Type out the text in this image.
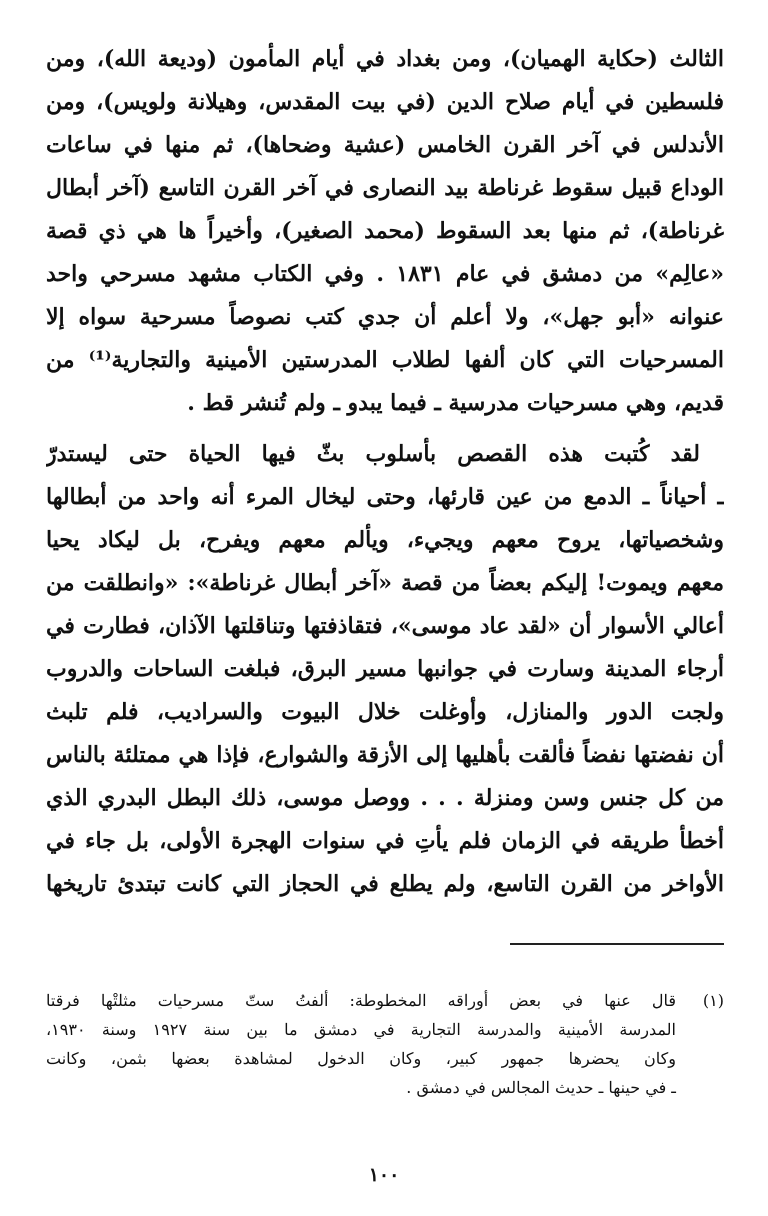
الثالث (حكاية الهميان)، ومن بغداد في أيام المأمون (وديعة الله)، ومن
فلسطين في أيام صلاح الدين (في بيت المقدس، وهيلانة ولويس)، ومن
الأندلس في آخر القرن الخامس (عشية وضحاها)، ثم منها في ساعات
الوداع قبيل سقوط غرناطة بيد النصارى في آخر القرن التاسع (آخر أبطال
غرناطة)، ثم منها بعد السقوط (محمد الصغير)، وأخيراً ها هي ذي قصة
«عالِم» من دمشق في عام ١٨٣١ . وفي الكتاب مشهد مسرحي واحد
عنوانه «أبو جهل»، ولا أعلم أن جدي كتب نصوصاً مسرحية سواه إلا
المسرحيات التي كان ألفها لطلاب المدرستين الأمينية والتجارية⁽¹⁾ من
قديم، وهي مسرحيات مدرسية ـ فيما يبدو ـ ولم تُنشر قط .
لقد كُتبت هذه القصص بأسلوب بثّ فيها الحياة حتى ليستدرّ
ـ أحياناً ـ الدمع من عين قارئها، وحتى ليخال المرء أنه واحد من أبطالها
وشخصياتها، يروح معهم ويجيء، ويألم معهم ويفرح، بل ليكاد يحيا
معهم ويموت! إليكم بعضاً من قصة «آخر أبطال غرناطة»: «وانطلقت من
أعالي الأسوار أن «لقد عاد موسى»، فتقاذفتها وتناقلتها الآذان، فطارت في
أرجاء المدينة وسارت في جوانبها مسير البرق، فبلغت الساحات والدروب
ولجت الدور والمنازل، وأوغلت خلال البيوت والسراديب، فلم تلبث
أن نفضتها نفضاً فألقت بأهليها إلى الأزقة والشوارع، فإذا هي ممتلئة بالناس
من كل جنس وسن ومنزلة . . . ووصل موسى، ذلك البطل البدري الذي
أخطأ طريقه في الزمان فلم يأتِ في سنوات الهجرة الأولى، بل جاء في
الأواخر من القرن التاسع، ولم يطلع في الحجاز التي كانت تبتدئ تاريخها
(١)قال عنها في بعض أوراقه المخطوطة: ألفتُ ستّ مسرحيات مثلتْها فرقتا
المدرسة الأمينية والمدرسة التجارية في دمشق ما بين سنة ١٩٢٧ وسنة ١٩٣٠،
وكان يحضرها جمهور كبير، وكان الدخول لمشاهدة بعضها بثمن، وكانت
ـ في حينها ـ حديث المجالس في دمشق .
١٠٠
